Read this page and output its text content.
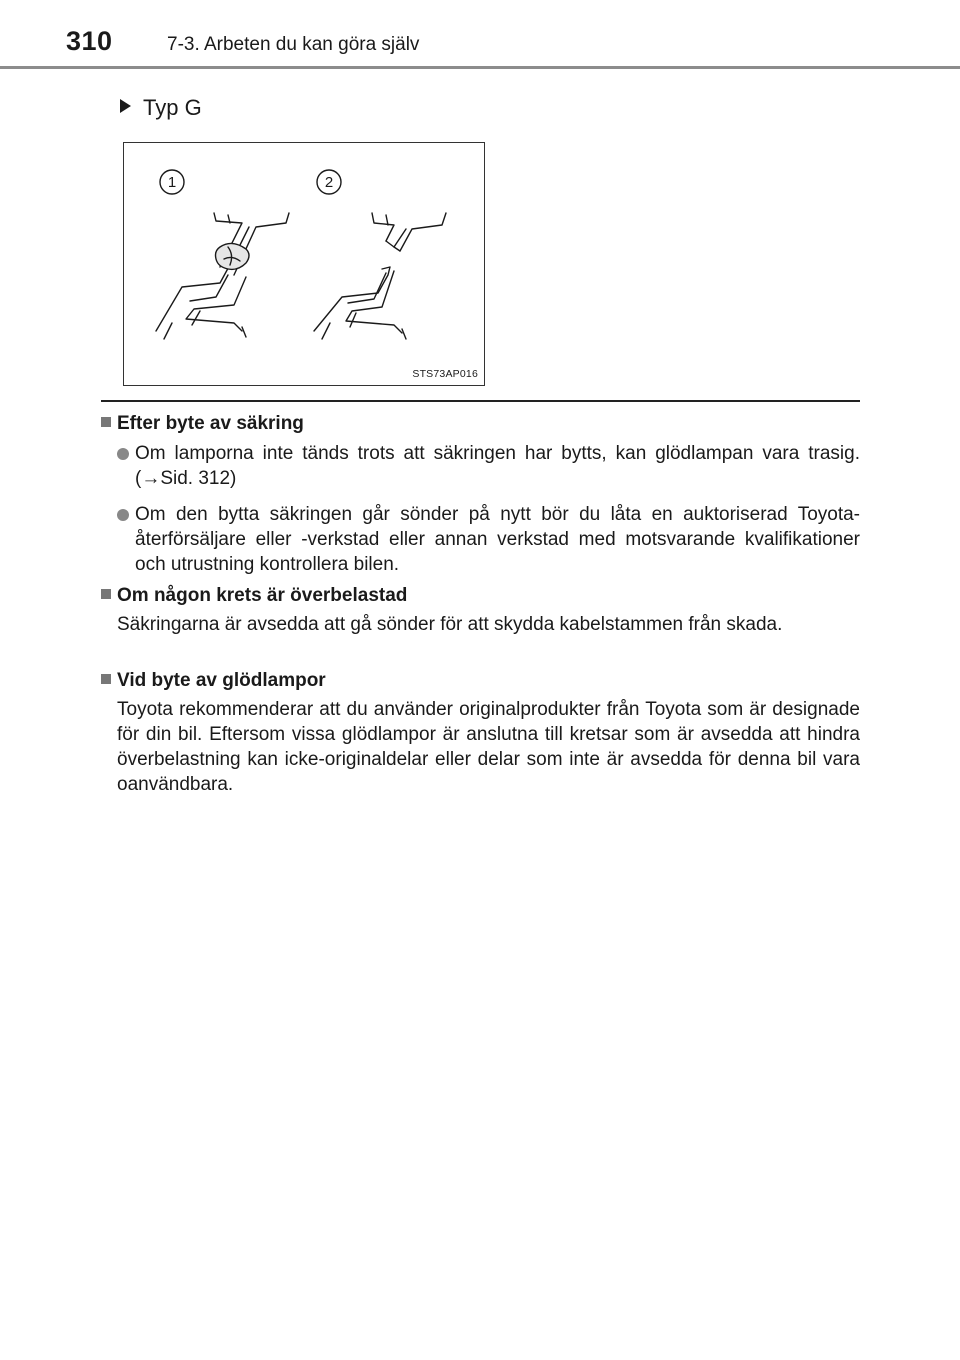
310	7-3. Arbeten du kan göra själv
Typ G
1	2
STS73AP016
Efter byte av säkring
Om lamporna inte tänds trots att säkringen har bytts, kan glödlampan vara trasig. (→Sid. 312)
Om den bytta säkringen går sönder på nytt bör du låta en auktoriserad Toyota-återförsäljare eller -verkstad eller annan verkstad med motsvarande kvalifikationer och utrustning kontrollera bilen.
Om någon krets är överbelastad
Säkringarna är avsedda att gå sönder för att skydda kabelstammen från skada.
Vid byte av glödlampor
Toyota rekommenderar att du använder originalprodukter från Toyota som är designade för din bil. Eftersom vissa glödlampor är anslutna till kretsar som är avsedda att hindra överbelastning kan icke-originaldelar eller delar som inte är avsedda för denna bil vara oanvändbara.
